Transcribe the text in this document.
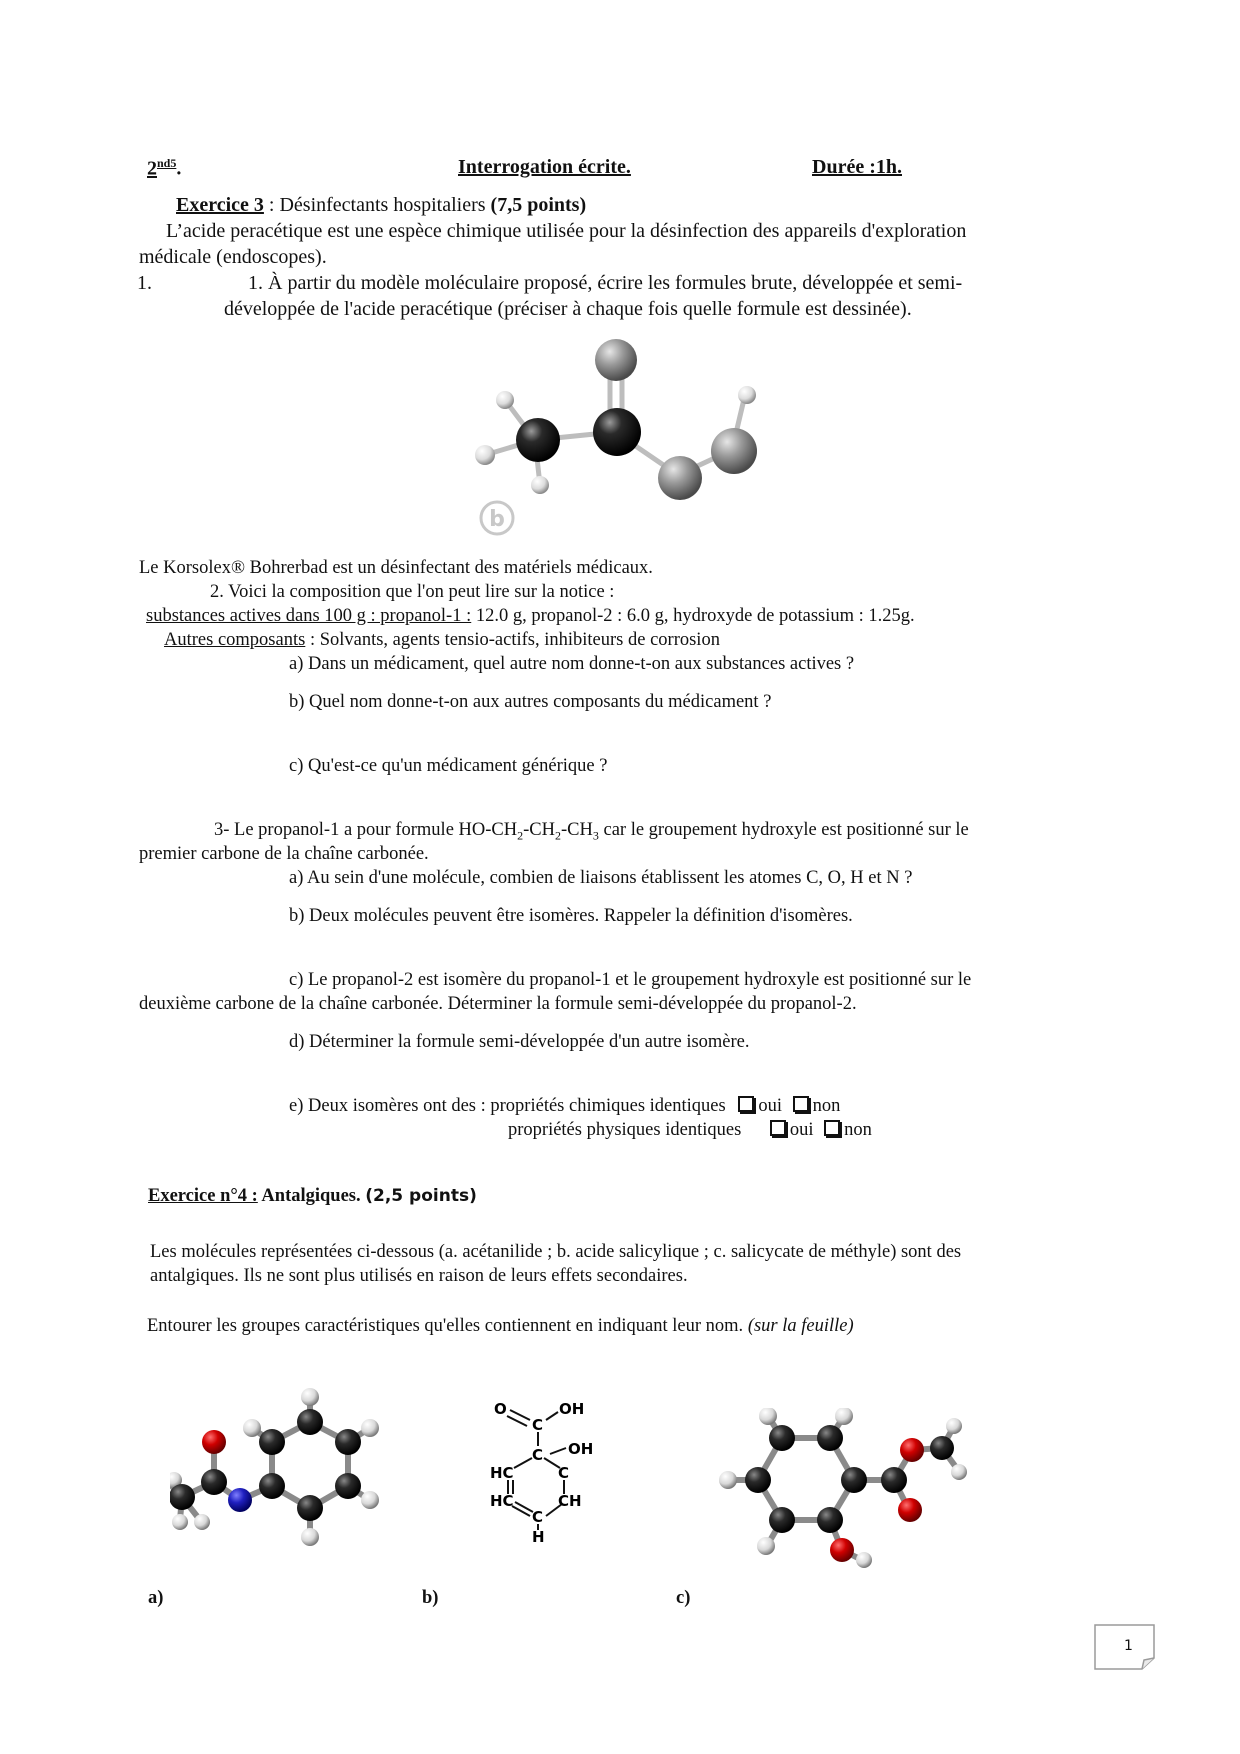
$2^{nd5}$.	Interrogation écrite.	Durée :1h.
Exercice 3 : Désinfectants hospitaliers (7,5 points)
L’acide peracétique est une espèce chimique utilisée pour la désinfection des appareils d'exploration
médicale (endoscopes).
1.	1. À partir du modèle moléculaire proposé, écrire les formules brute, développée et semi-
développée de l'acide peracétique (préciser à chaque fois quelle formule est dessinée).
b
Le Korsolex® Bohrerbad est un désinfectant des matériels médicaux.
2. Voici la composition que l'on peut lire sur la notice :
substances actives dans 100 g : propanol-1 : 12.0 g, propanol-2 : 6.0 g, hydroxyde de potassium : 1.25g.
Autres composants : Solvants, agents tensio-actifs, inhibiteurs de corrosion
a) Dans un médicament, quel autre nom donne-t-on aux substances actives ?
b) Quel nom donne-t-on aux autres composants du médicament ?
c) Qu'est-ce qu'un médicament générique ?
3- Le propanol-1 a pour formule $HO-CH_2-CH_2-CH_3$ car le groupement hydroxyle est positionné sur le
premier carbone de la chaîne carbonée.
a) Au sein d'une molécule, combien de liaisons établissent les atomes C, O, H et N ?
b) Deux molécules peuvent être isomères. Rappeler la définition d'isomères.
c) Le propanol-2 est isomère du propanol-1 et le groupement hydroxyle est positionné sur le
deuxième carbone de la chaîne carbonée. Déterminer la formule semi-développée du propanol-2.
d) Déterminer la formule semi-développée d'un autre isomère.
e) Deux isomères ont des : propriétés chimiques identiques oui non
propriétés physiques identiques	oui non
Exercice n°4 : Antalgiques. (2,5 points)
Les molécules représentées ci-dessous (a. acétanilide ; b. acide salicylique ; c. salicycate de méthyle) sont des
antalgiques. Ils ne sont plus utilisés en raison de leurs effets secondaires.
Entourer les groupes caractéristiques qu'elles contiennent en indiquant leur nom. (sur la feuille)
O
C
OH
C OH
HC	C
HC	CH
C
H
a)	b)	c)
1
